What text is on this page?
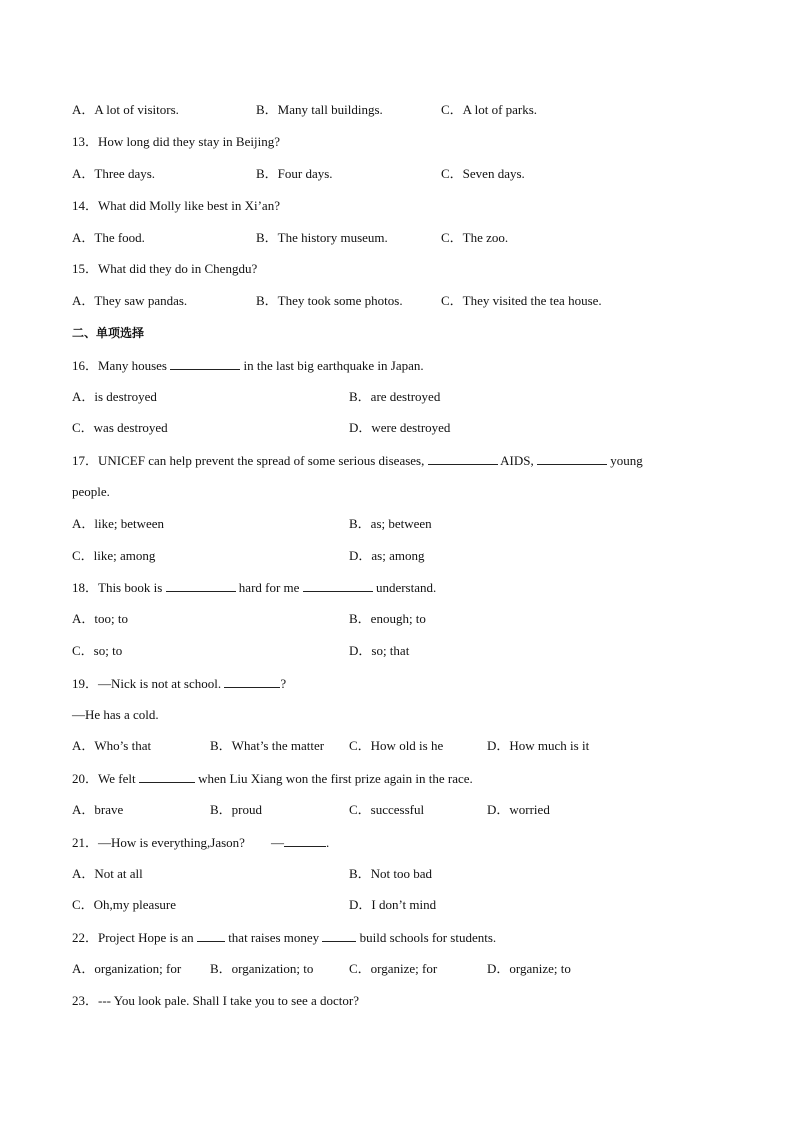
A．A lot of visitors.	B．Many tall buildings.	C．A lot of parks.
13．How long did they stay in Beijing?
A．Three days.	B．Four days.	C．Seven days.
14．What did Molly like best in Xi’an?
A．The food.	B．The history museum.	C．The zoo.
15．What did they do in Chengdu?
A．They saw pandas.	B．They took some photos.	C．They visited the tea house.
二、单项选择
16．Many houses	in the last big earthquake in Japan.
A．is destroyed	B．are destroyed
C．was destroyed	D．were destroyed
17．UNICEF can help prevent the spread of some serious diseases,	AIDS,	young
people.
A．like; between	B．as; between
C．like; among	D．as; among
18．This book is	hard for me	understand.
A．too; to	B．enough; to
C．so; to	D．so; that
19．—Nick is not at school.	?
—He has a cold.
A．Who’s that	B．What’s the matter C．How old is he	D．How much is it
20．We felt	when Liu Xiang won the first prize again in the race.
A．brave	B．proud	C．successful	D．worried
21．—How is everything,Jason?　　—	.
A．Not at all	B．Not too bad
C．Oh,my pleasure	D．I don’t mind
22．Project Hope is an  that raises money	build schools for students.
A．organization; for B．organization; to	C．organize; for	D．organize; to
23．--- You look pale. Shall I take you to see a doctor?
